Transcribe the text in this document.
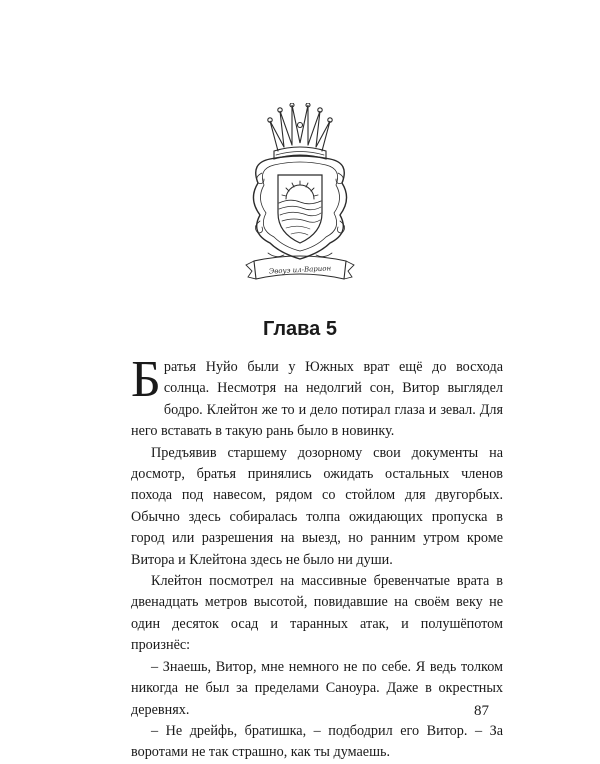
Эвоуэ ил-Варион
Глава 5

Братья Нуйо были у Южных врат ещё до восхода солнца. Несмотря на недолгий сон, Витор выглядел бодро. Клейтон же то и дело потирал глаза и зевал. Для него вставать в такую рань было в новинку.

Предъявив старшему дозорному свои документы на досмотр, братья принялись ожидать остальных членов похода под навесом, рядом со стойлом для двугорбых. Обычно здесь собиралась толпа ожидающих пропуска в город или разрешения на выезд, но ранним утром кроме Витора и Клейтона здесь не было ни души.

Клейтон посмотрел на массивные бревенчатые врата в двенадцать метров высотой, повидавшие на своём веку не один десяток осад и таранных атак, и полушёпотом произнёс:

– Знаешь, Витор, мне немного не по себе. Я ведь толком никогда не был за пределами Саноура. Даже в окрестных деревнях.

– Не дрейфь, братишка, – подбодрил его Витор. – За воротами не так страшно, как ты думаешь.

87
